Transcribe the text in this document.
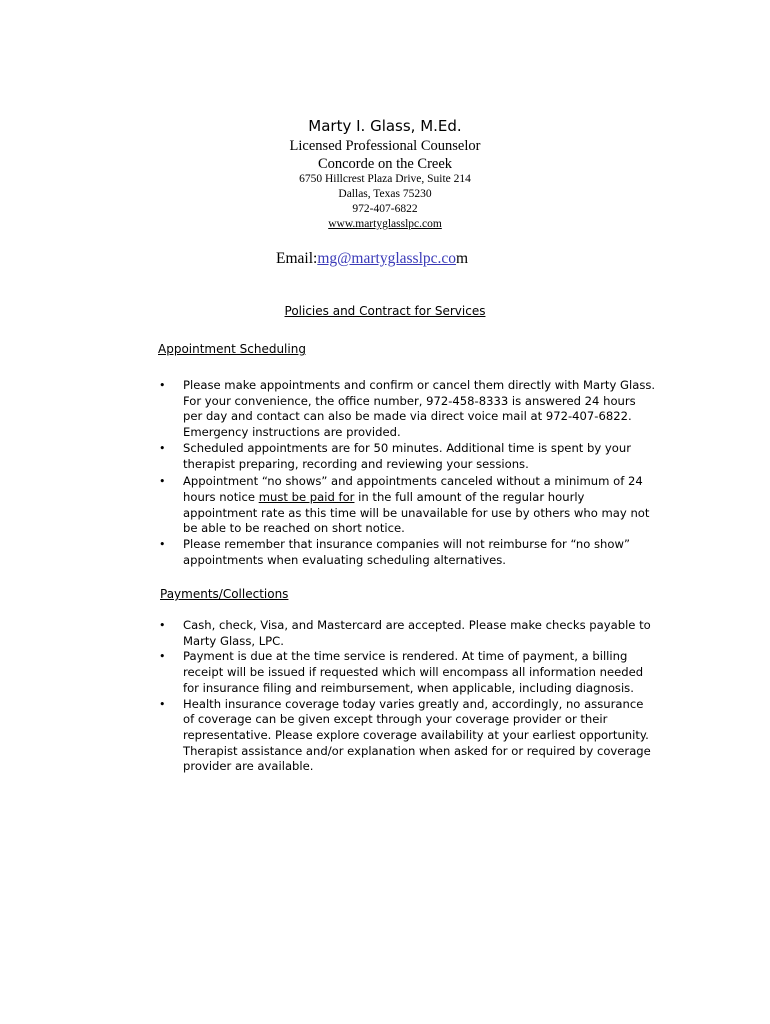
Marty I. Glass, M.Ed.
Licensed Professional Counselor
Concorde on the Creek
6750 Hillcrest Plaza Drive, Suite 214
Dallas, Texas 75230
972-407-6822
www.martyglasslpc.com
Email:mg@martyglasslpc.com
Policies and Contract for Services
Appointment Scheduling
• Please make appointments and confirm or cancel them directly with Marty Glass. For your convenience, the office number, 972-458-8333 is answered 24 hours per day and contact can also be made via direct voice mail at 972-407-6822. Emergency instructions are provided.
• Scheduled appointments are for 50 minutes. Additional time is spent by your therapist preparing, recording and reviewing your sessions.
• Appointment “no shows” and appointments canceled without a minimum of 24 hours notice must be paid for in the full amount of the regular hourly appointment rate as this time will be unavailable for use by others who may not be able to be reached on short notice.
• Please remember that insurance companies will not reimburse for “no show” appointments when evaluating scheduling alternatives.
Payments/Collections
• Cash, check, Visa, and Mastercard are accepted. Please make checks payable to Marty Glass, LPC.
• Payment is due at the time service is rendered. At time of payment, a billing receipt will be issued if requested which will encompass all information needed for insurance filing and reimbursement, when applicable, including diagnosis.
• Health insurance coverage today varies greatly and, accordingly, no assurance of coverage can be given except through your coverage provider or their representative. Please explore coverage availability at your earliest opportunity. Therapist assistance and/or explanation when asked for or required by coverage provider are available.
